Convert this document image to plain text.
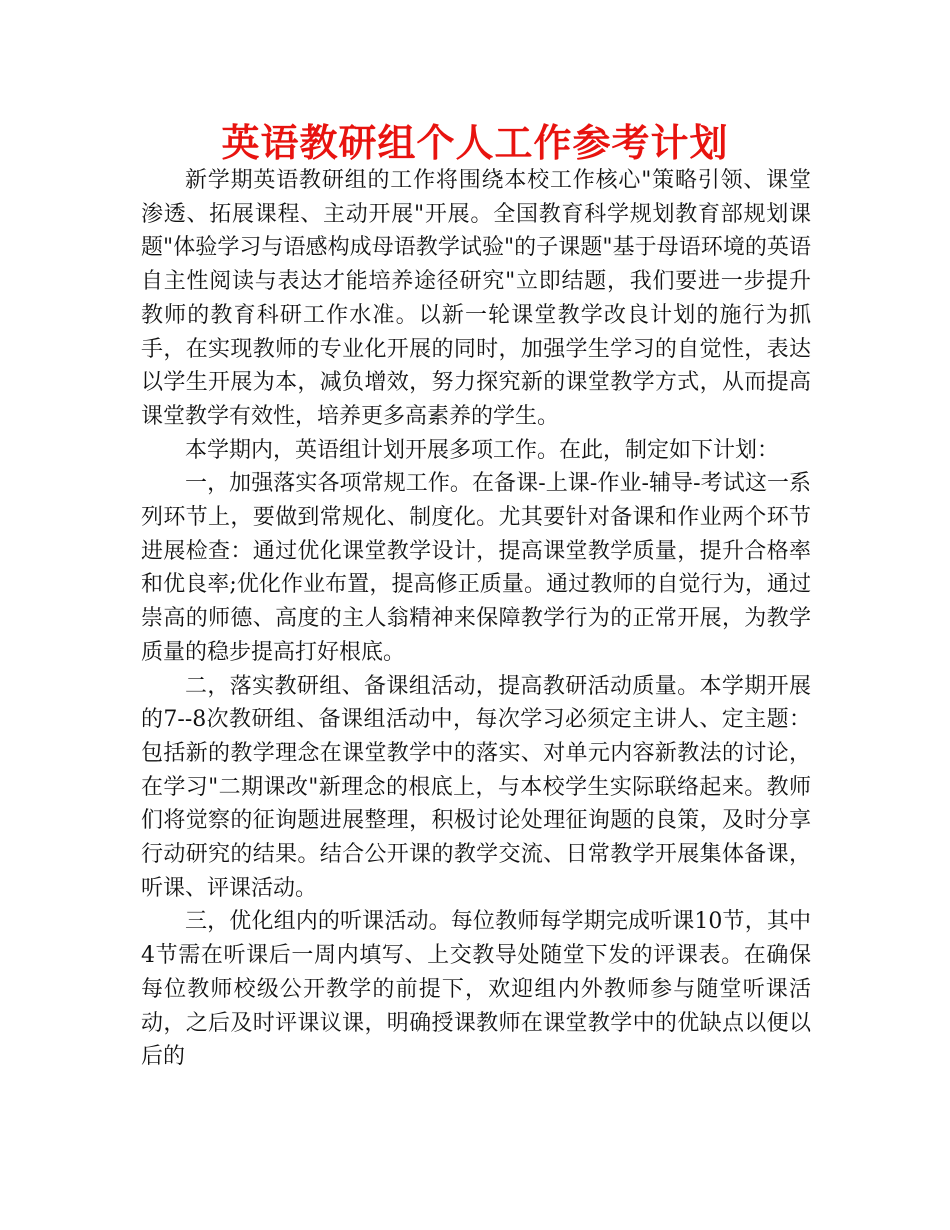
英语教研组个人工作参考计划

新学期英语教研组的工作将围绕本校工作核心"策略引领、课堂渗透、拓展课程、主动开展"开展。全国教育科学规划教育部规划课题"体验学习与语感构成母语教学试验"的子课题"基于母语环境的英语自主性阅读与表达才能培养途径研究"立即结题，我们要进一步提升教师的教育科研工作水准。以新一轮课堂教学改良计划的施行为抓手，在实现教师的专业化开展的同时，加强学生学习的自觉性，表达以学生开展为本，减负增效，努力探究新的课堂教学方式，从而提高课堂教学有效性，培养更多高素养的学生。

本学期内，英语组计划开展多项工作。在此，制定如下计划：

一，加强落实各项常规工作。在备课-上课-作业-辅导-考试这一系列环节上，要做到常规化、制度化。尤其要针对备课和作业两个环节进展检查：通过优化课堂教学设计，提高课堂教学质量，提升合格率和优良率;优化作业布置，提高修正质量。通过教师的自觉行为，通过崇高的师德、高度的主人翁精神来保障教学行为的正常开展，为教学质量的稳步提高打好根底。

二，落实教研组、备课组活动，提高教研活动质量。本学期开展的7--8次教研组、备课组活动中，每次学习必须定主讲人、定主题：包括新的教学理念在课堂教学中的落实、对单元内容新教法的讨论，在学习"二期课改"新理念的根底上，与本校学生实际联络起来。教师们将觉察的征询题进展整理，积极讨论处理征询题的良策，及时分享行动研究的结果。结合公开课的教学交流、日常教学开展集体备课，听课、评课活动。

三，优化组内的听课活动。每位教师每学期完成听课10节，其中4节需在听课后一周内填写、上交教导处随堂下发的评课表。在确保每位教师校级公开教学的前提下，欢迎组内外教师参与随堂听课活动，之后及时评课议课，明确授课教师在课堂教学中的优缺点以便以后的
